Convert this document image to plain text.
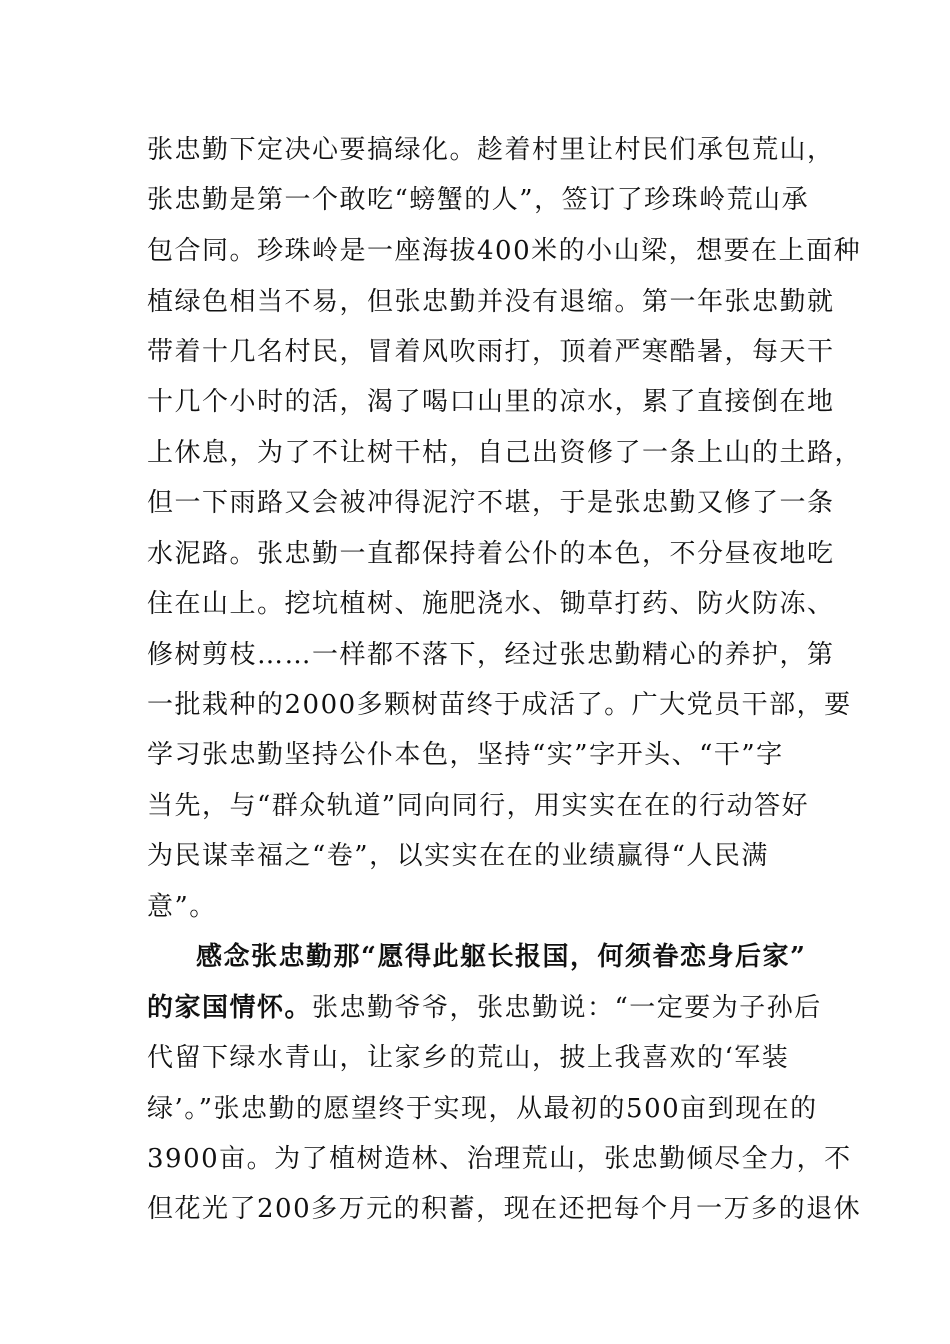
张忠勤下定决心要搞绿化。趁着村里让村民们承包荒山，
张忠勤是第一个敢吃“螃蟹的人”，签订了珍珠岭荒山承
包合同。珍珠岭是一座海拔400米的小山梁，想要在上面种
植绿色相当不易，但张忠勤并没有退缩。第一年张忠勤就
带着十几名村民，冒着风吹雨打，顶着严寒酷暑，每天干
十几个小时的活，渴了喝口山里的凉水，累了直接倒在地
上休息，为了不让树干枯，自己出资修了一条上山的土路，
但一下雨路又会被冲得泥泞不堪，于是张忠勤又修了一条
水泥路。张忠勤一直都保持着公仆的本色，不分昼夜地吃
住在山上。挖坑植树、施肥浇水、锄草打药、防火防冻、
修树剪枝……一样都不落下，经过张忠勤精心的养护，第
一批栽种的2000多颗树苗终于成活了。广大党员干部，要
学习张忠勤坚持公仆本色，坚持“实”字开头、“干”字
当先，与“群众轨道”同向同行，用实实在在的行动答好
为民谋幸福之“卷”，以实实在在的业绩赢得“人民满
意”。
感念张忠勤那“愿得此躯长报国，何须眷恋身后家”
的家国情怀。张忠勤爷爷，张忠勤说：“一定要为子孙后
代留下绿水青山，让家乡的荒山，披上我喜欢的‘军装
绿’。”张忠勤的愿望终于实现，从最初的500亩到现在的
3900亩。为了植树造林、治理荒山，张忠勤倾尽全力，不
但花光了200多万元的积蓄，现在还把每个月一万多的退休
